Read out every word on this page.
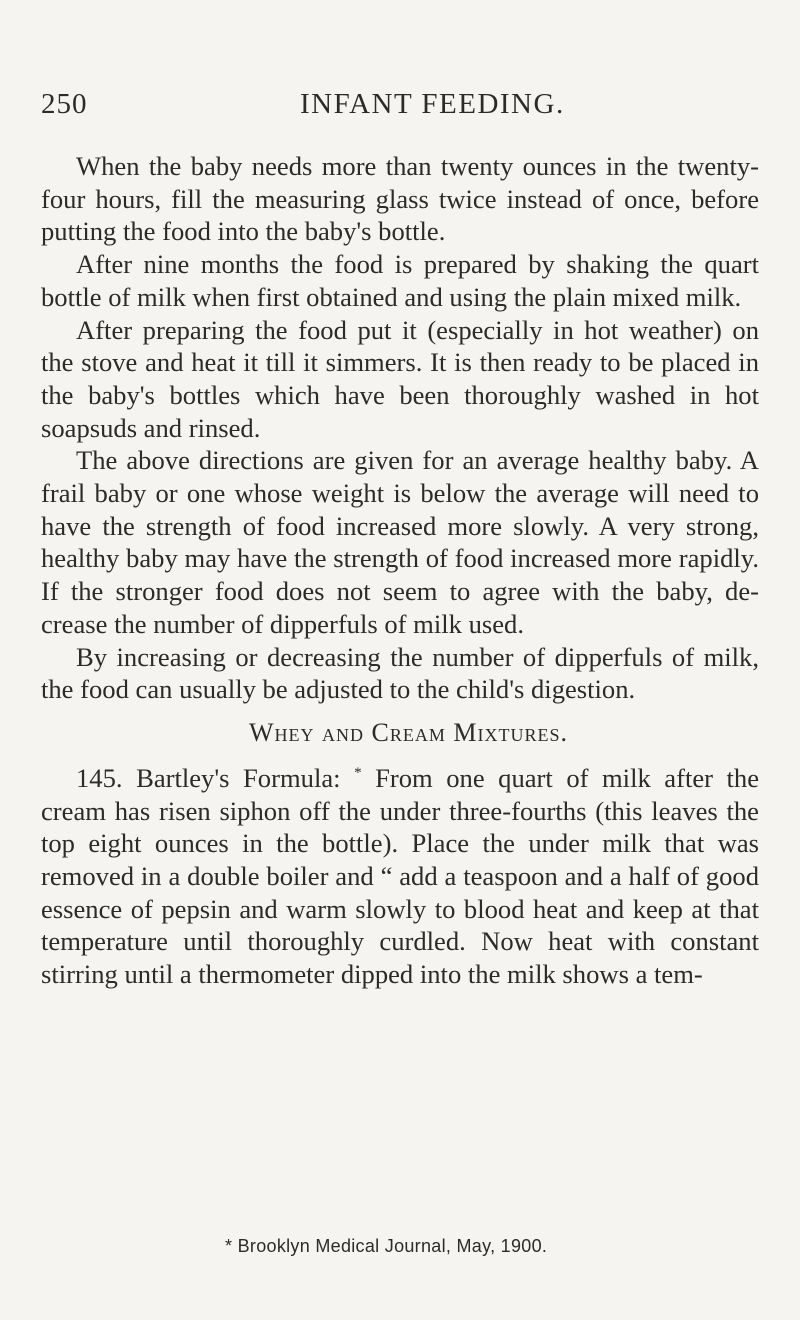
250	INFANT FEEDING.

When the baby needs more than twenty ounces in the twenty-four hours, fill the measuring glass twice instead of once, before putting the food into the baby's bottle.

After nine months the food is prepared by shaking the quart bottle of milk when first obtained and using the plain mixed milk.

After preparing the food put it (especially in hot weather) on the stove and heat it till it simmers. It is then ready to be placed in the baby's bottles which have been thoroughly washed in hot soapsuds and rinsed.

The above directions are given for an average healthy baby. A frail baby or one whose weight is below the average will need to have the strength of food increased more slowly. A very strong, healthy baby may have the strength of food increased more rapidly. If the stronger food does not seem to agree with the baby, de-crease the number of dipperfuls of milk used.

By increasing or decreasing the number of dipperfuls of milk, the food can usually be adjusted to the child's digestion.

Whey and Cream Mixtures.

145. Bartley's Formula: * From one quart of milk after the cream has risen siphon off the under three-fourths (this leaves the top eight ounces in the bottle). Place the under milk that was removed in a double boiler and “ add a teaspoon and a half of good essence of pepsin and warm slowly to blood heat and keep at that temperature until thoroughly curdled. Now heat with constant stirring until a thermometer dipped into the milk shows a tem-

* Brooklyn Medical Journal, May, 1900.
